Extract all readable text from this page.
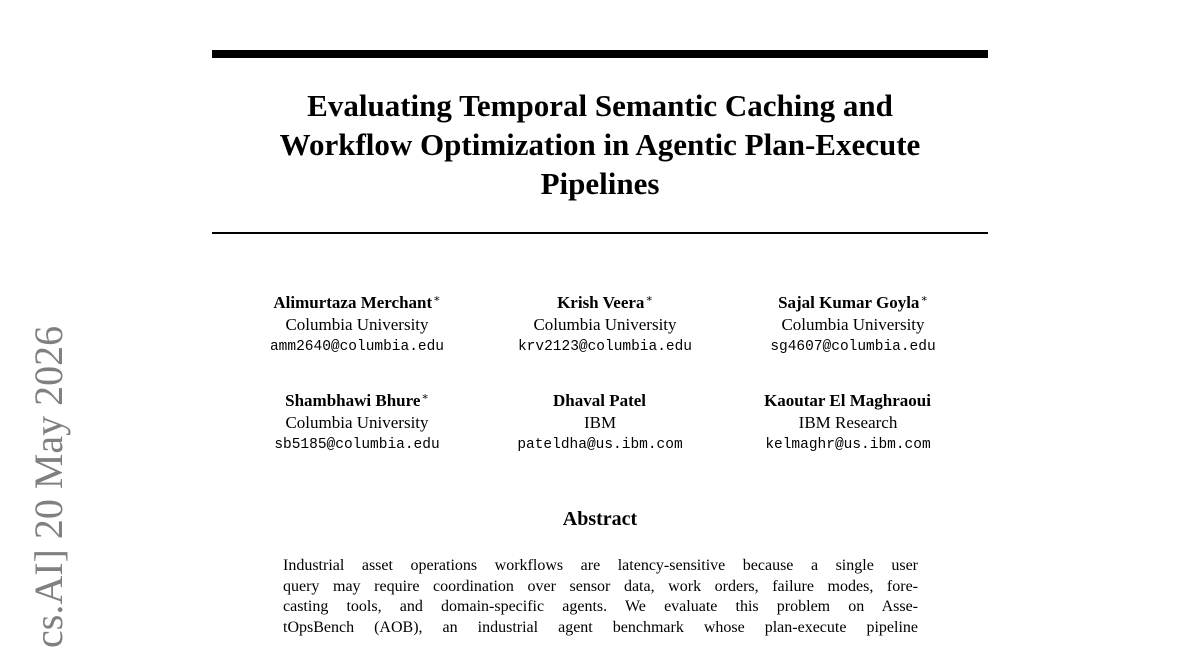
Evaluating Temporal Semantic Caching and
Workflow Optimization in Agentic Plan-Execute
Pipelines
Alimurtaza Merchant∗
Columbia University
amm2640@columbia.edu
Krish Veera∗
Columbia University
krv2123@columbia.edu
Sajal Kumar Goyla∗
Columbia University
sg4607@columbia.edu
Shambhawi Bhure∗
Columbia University
sb5185@columbia.edu
Dhaval Patel
IBM
pateldha@us.ibm.com
Kaoutar El Maghraoui
IBM Research
kelmaghr@us.ibm.com
Abstract
Industrial asset operations workflows are latency-sensitive because a single user
query may require coordination over sensor data, work orders, failure modes, fore-
casting tools, and domain-specific agents. We evaluate this problem on Asse-
tOpsBench (AOB), an industrial agent benchmark whose plan-execute pipeline
cs.AI] 20 May 2026
